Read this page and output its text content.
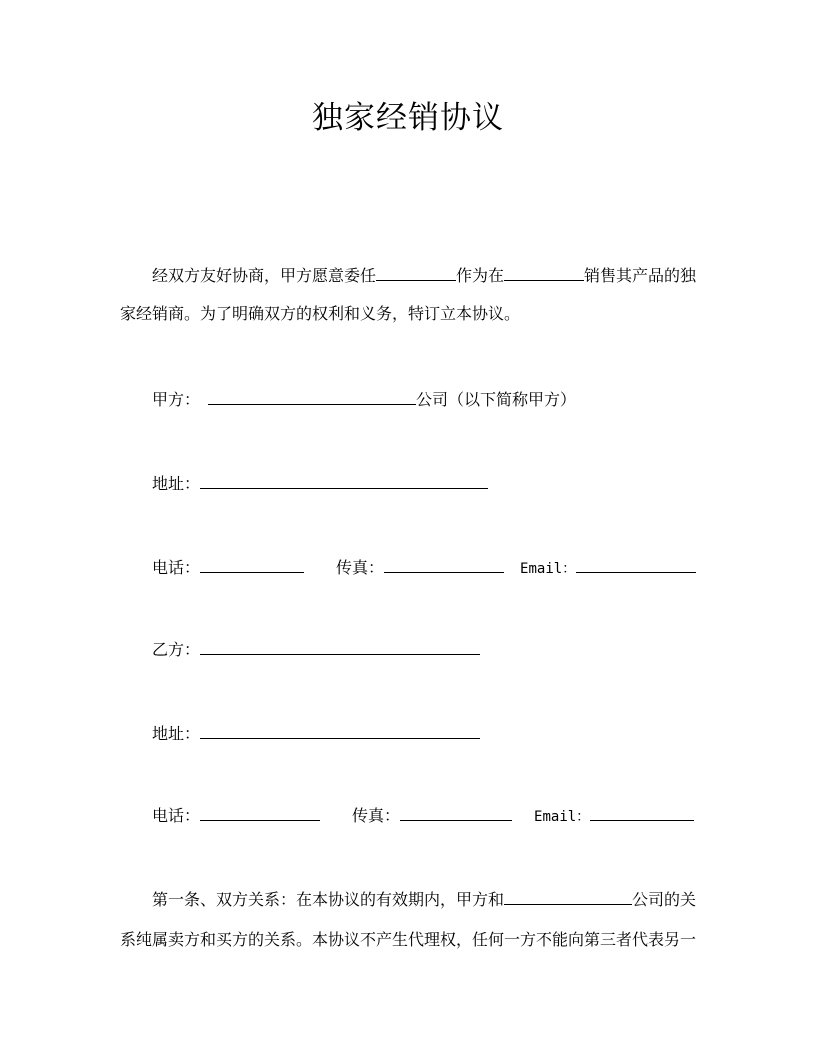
独家经销协议
经双方友好协商，甲方愿意委任	作为在	销售其产品的独
家经销商。为了明确双方的权利和义务，特订立本协议。
甲方：	公司（以下简称甲方）
地址：
电话：	传真：	Email：
乙方：
地址：
电话：	传真：	Email：
第一条、双方关系：在本协议的有效期内，甲方和	公司的关
系纯属卖方和买方的关系。本协议不产生代理权，任何一方不能向第三者代表另一
